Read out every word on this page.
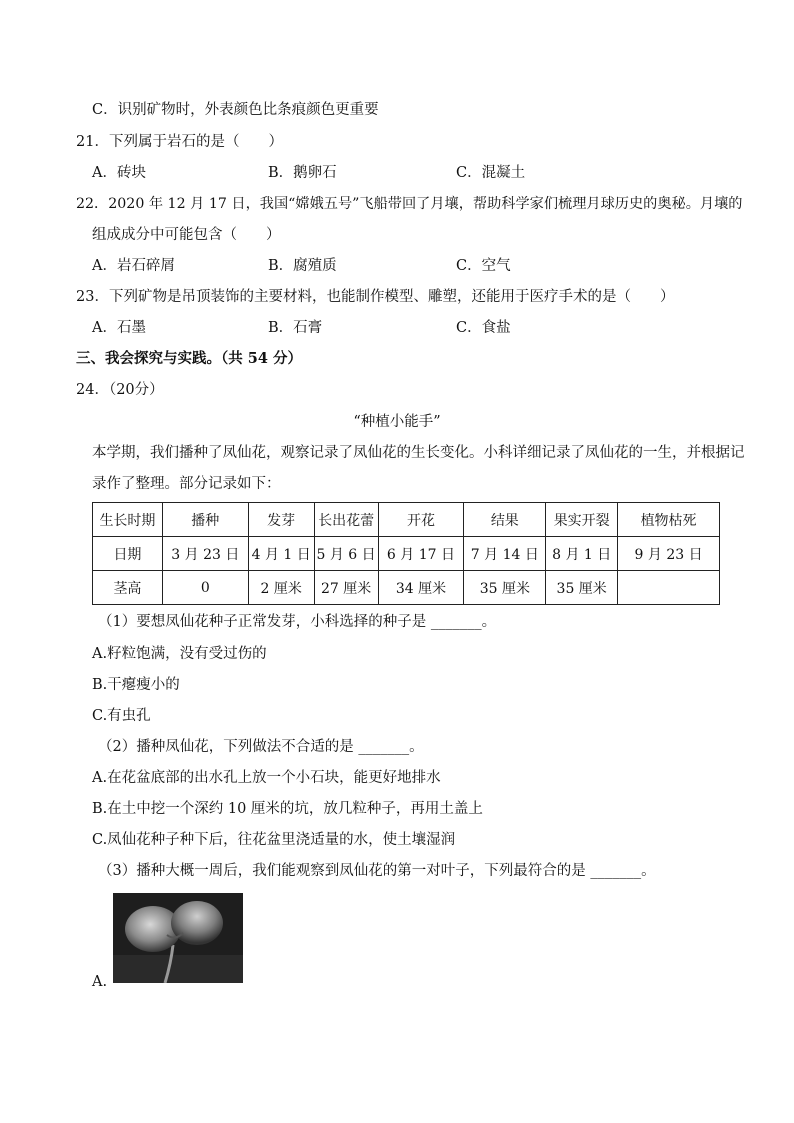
C．识别矿物时，外表颜色比条痕颜色更重要
21．下列属于岩石的是（　　）
A．砖块	B．鹅卵石	C．混凝土
22．2020 年 12 月 17 日，我国“嫦娥五号”飞船带回了月壤，帮助科学家们梳理月球历史的奥秘。月壤的
组成成分中可能包含（　　）
A．岩石碎屑	B．腐殖质	C．空气
23．下列矿物是吊顶装饰的主要材料，也能制作模型、雕塑，还能用于医疗手术的是（　　）
A．石墨	B．石膏	C．食盐
三、我会探究与实践。（共 54 分）
24．（20分）
“种植小能手”
本学期，我们播种了凤仙花，观察记录了凤仙花的生长变化。小科详细记录了凤仙花的一生，并根据记
录作了整理。部分记录如下：
生长时期	播种	发芽	长出花蕾	开花	结果	果实开裂	植物枯死
日期	3 月 23 日	4 月 1 日	5 月 6 日	6 月 17 日	7 月 14 日	8 月 1 日	9 月 23 日
茎高	0	2 厘米	27 厘米	34 厘米	35 厘米	35 厘米	
（1）要想凤仙花种子正常发芽，小科选择的种子是 _______。
A.籽粒饱满，没有受过伤的
B.干瘪瘦小的
C.有虫孔
（2）播种凤仙花，下列做法不合适的是 _______。
A.在花盆底部的出水孔上放一个小石块，能更好地排水
B.在土中挖一个深约 10 厘米的坑，放几粒种子，再用土盖上
C.凤仙花种子种下后，往花盆里浇适量的水，使土壤湿润
（3）播种大概一周后，我们能观察到凤仙花的第一对叶子，下列最符合的是 _______。
A.
